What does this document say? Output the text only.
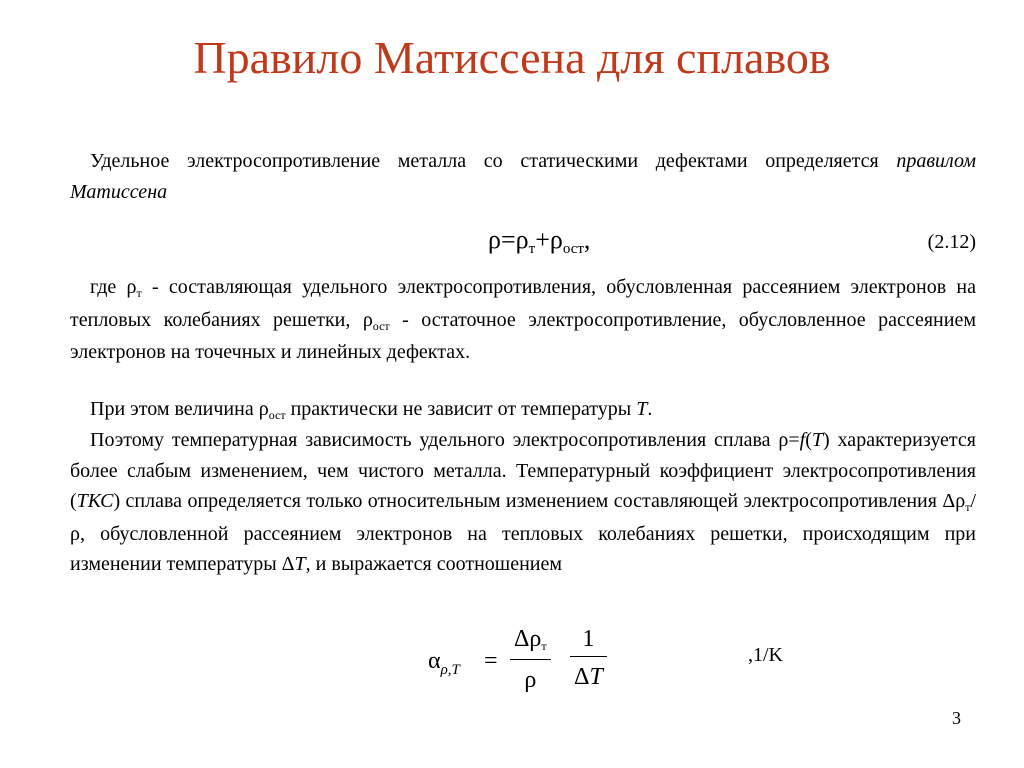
Правило Матиссена для сплавов

Удельное электросопротивление металла со статическими дефектами определяется правилом Матиссена

ρ=ρт+ρост,	(2.12)

где $\rho_т$ - составляющая удельного электросопротивления, обусловленная рассеянием электронов на тепловых колебаниях решетки, $\rho_{ост}$ - остаточное электросопротивление, обусловленное рассеянием электронов на точечных и линейных дефектах.

При этом величина $\rho_{ост}$ практически не зависит от температуры T.

Поэтому температурная зависимость удельного электросопротивления сплава ρ=f(T) характеризуется более слабым изменением, чем чистого металла. Температурный коэффициент электросопротивления (ТКС) сплава определяется только относительным изменением составляющей электросопротивления $\Delta\rho_т/\rho$, обусловленной рассеянием электронов на тепловых колебаниях решетки, происходящим при изменении температуры ΔT, и выражается соотношением

$\alpha_{\rho,T}$ =
Δρт
ρ
1
ΔT
,1/K
3
